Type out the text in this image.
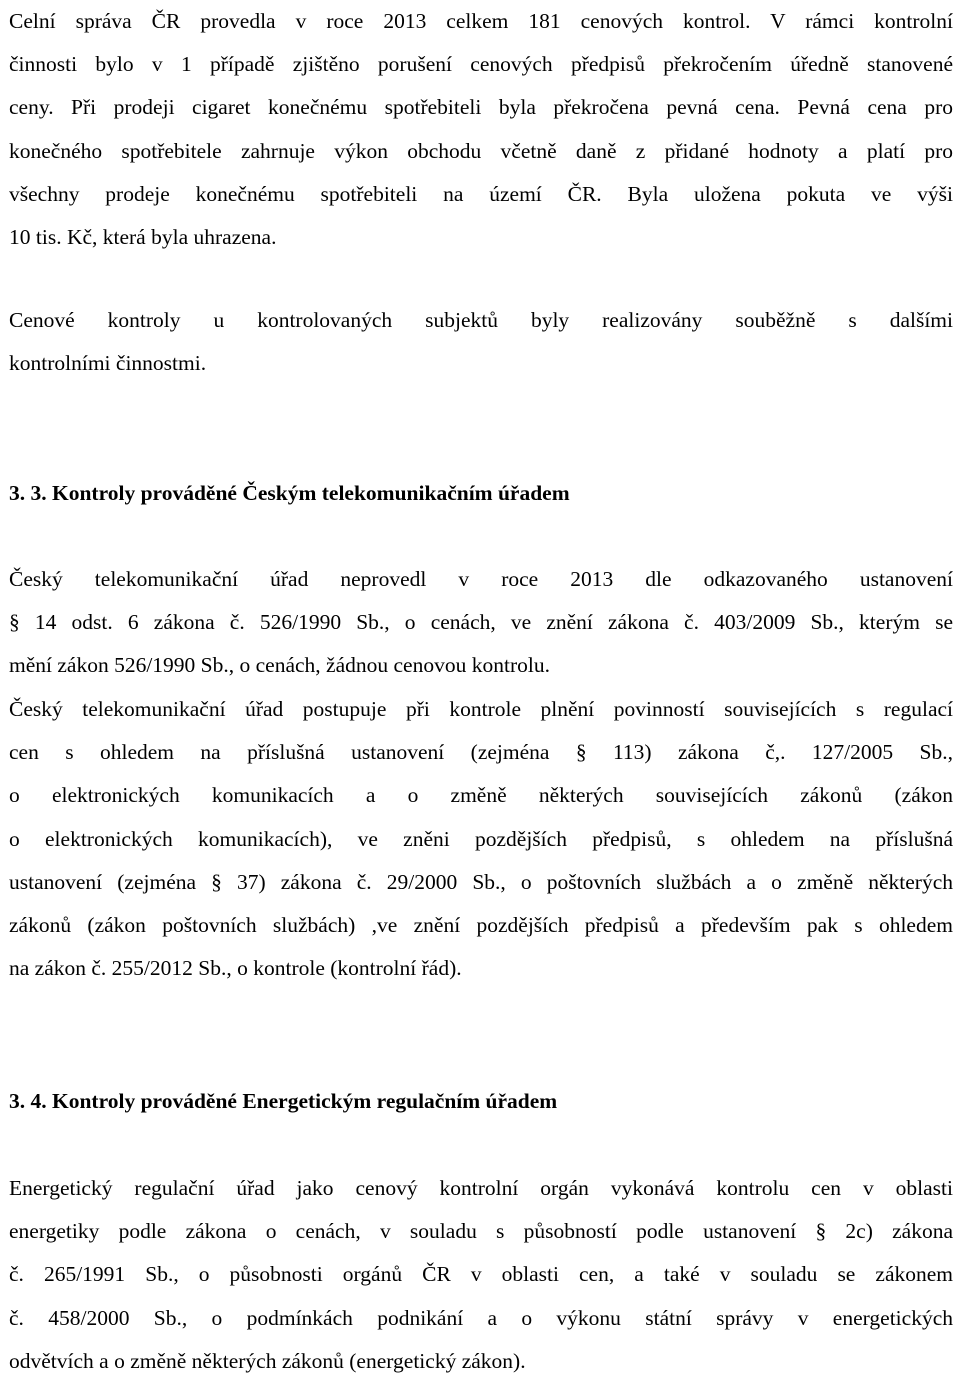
Celní správa ČR provedla v roce 2013 celkem 181 cenových kontrol. V rámci kontrolní
činnosti bylo v 1 případě zjištěno porušení cenových předpisů překročením úředně stanovené
ceny. Při prodeji cigaret konečnému spotřebiteli byla překročena pevná cena. Pevná cena pro
konečného spotřebitele zahrnuje výkon obchodu včetně daně z přidané hodnoty a platí pro
všechny prodeje konečnému spotřebiteli na území ČR. Byla uložena pokuta ve výši
10 tis. Kč, která byla uhrazena.
Cenové kontroly u kontrolovaných subjektů byly realizovány souběžně s dalšími
kontrolními činnostmi.
3. 3. Kontroly prováděné Českým telekomunikačním úřadem
Český telekomunikační úřad neprovedl v roce 2013 dle odkazovaného ustanovení
§ 14 odst. 6 zákona č. 526/1990 Sb., o cenách, ve znění zákona č. 403/2009 Sb., kterým se
mění zákon 526/1990 Sb., o cenách, žádnou cenovou kontrolu.
Český telekomunikační úřad postupuje při kontrole plnění povinností souvisejících s regulací
cen s ohledem na příslušná ustanovení (zejména § 113) zákona č,. 127/2005 Sb.,
o elektronických komunikacích a o změně některých souvisejících zákonů (zákon
o elektronických komunikacích), ve zněni pozdějších předpisů, s ohledem na příslušná
ustanovení (zejména § 37) zákona č. 29/2000 Sb., o poštovních službách a o změně některých
zákonů (zákon poštovních službách) ,ve znění pozdějších předpisů a především pak s ohledem
na zákon č. 255/2012 Sb., o kontrole (kontrolní řád).
3. 4. Kontroly prováděné Energetickým regulačním úřadem
Energetický regulační úřad jako cenový kontrolní orgán vykonává kontrolu cen v oblasti
energetiky podle zákona o cenách, v souladu s působností podle ustanovení § 2c) zákona
č. 265/1991 Sb., o působnosti orgánů ČR v oblasti cen, a také v souladu se zákonem
č. 458/2000 Sb., o podmínkách podnikání a o výkonu státní správy v energetických
odvětvích a o změně některých zákonů (energetický zákon).
